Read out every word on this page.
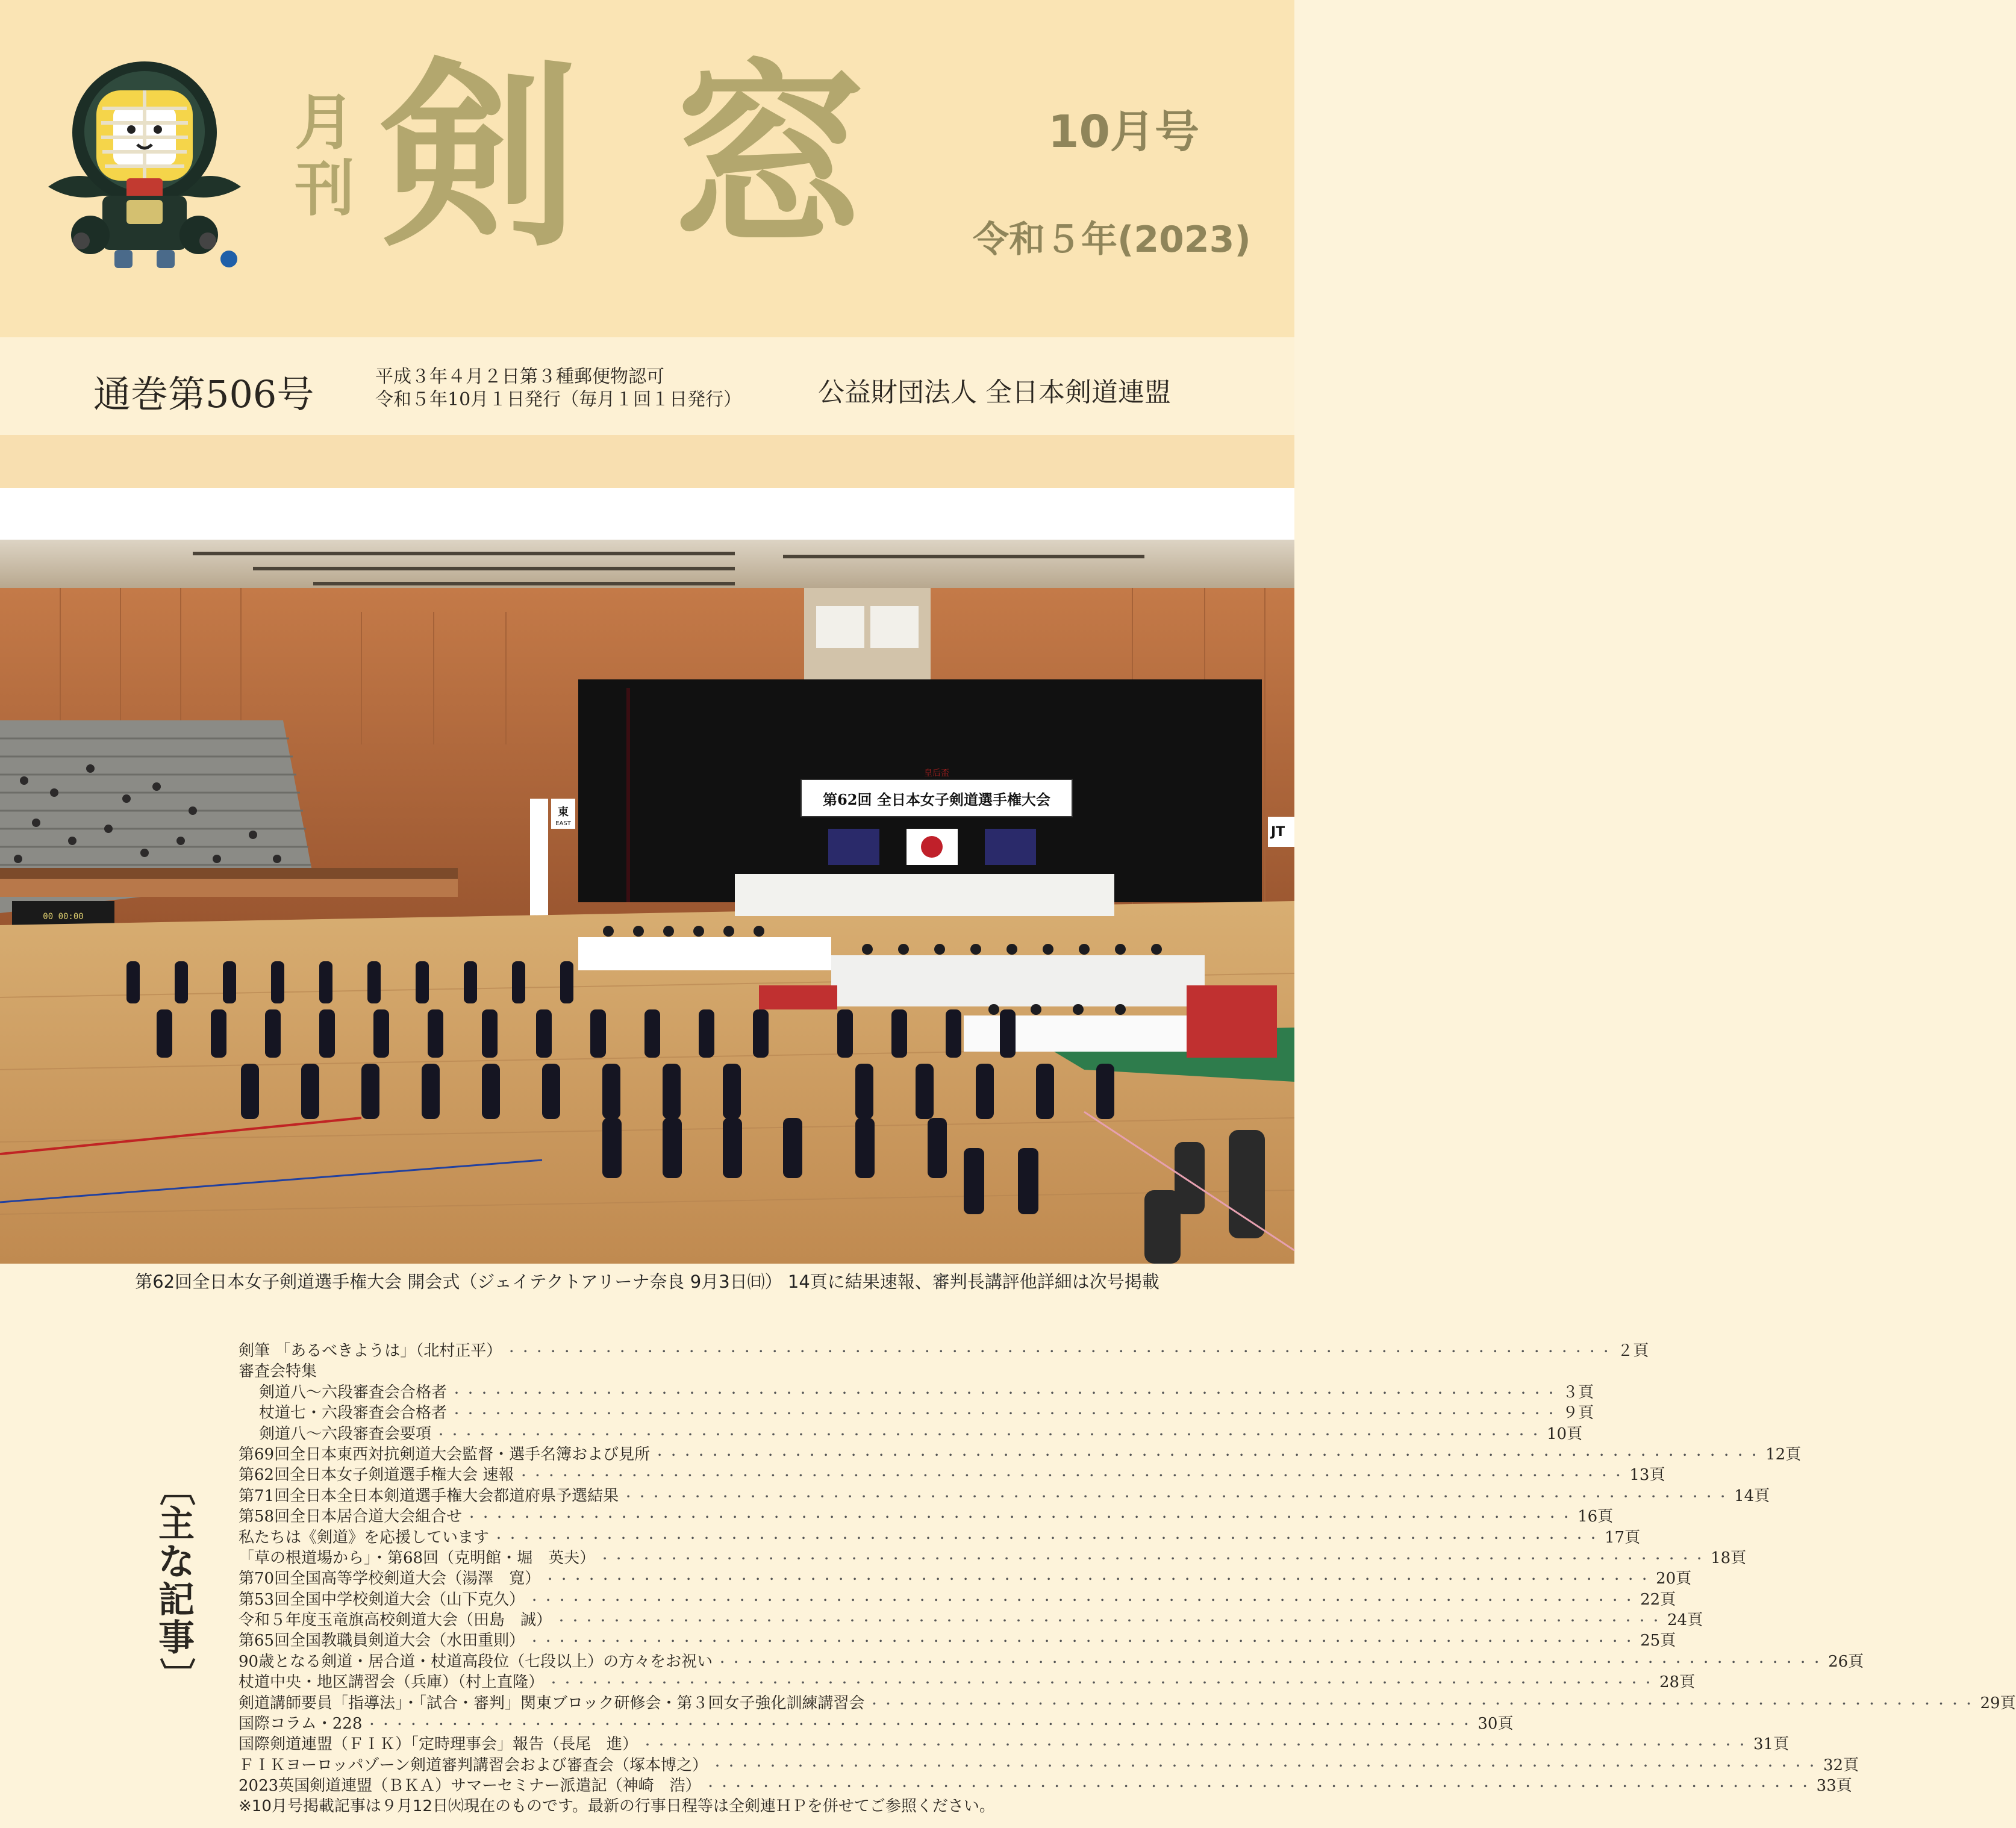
月刊 剣 窓	10月号
令和５年(2023)
通巻第506号	平成３年４月２日第３種郵便物認可
令和５年10月１日発行（毎月１回１日発行）	公益財団法人 全日本剣道連盟
皇后盃
第62回 全日本女子剣道選手権大会
JT
東
EAST
00 00:00
第62回全日本女子剣道選手権大会 開会式（ジェイテクトアリーナ奈良 9月3日㈰） 14頁に結果速報、審判長講評他詳細は次号掲載
〔
主
な
記
事
〕
剣筆 「あるべきようは」（北村正平） ・・・・・・・・・・・・・・・・・・・・・・・・・・・・・・・・・・・・・・・・・・・・・・・・・・・・・・・・・・・・・・・・・・・・・・・・・・・・・・・・ ２頁
審査会特集
剣道八～六段審査会合格者 ・・・・・・・・・・・・・・・・・・・・・・・・・・・・・・・・・・・・・・・・・・・・・・・・・・・・・・・・・・・・・・・・・・・・・・・・・・・・・・・・ ３頁
杖道七・六段審査会合格者 ・・・・・・・・・・・・・・・・・・・・・・・・・・・・・・・・・・・・・・・・・・・・・・・・・・・・・・・・・・・・・・・・・・・・・・・・・・・・・・・・ ９頁
剣道八～六段審査会要項 ・・・・・・・・・・・・・・・・・・・・・・・・・・・・・・・・・・・・・・・・・・・・・・・・・・・・・・・・・・・・・・・・・・・・・・・・・・・・・・・・ 10頁
第69回全日本東西対抗剣道大会監督・選手名簿および見所 ・・・・・・・・・・・・・・・・・・・・・・・・・・・・・・・・・・・・・・・・・・・・・・・・・・・・・・・・・・・・・・・・・・・・・・・・・・・・・・・・ 12頁
第62回全日本女子剣道選手権大会 速報 ・・・・・・・・・・・・・・・・・・・・・・・・・・・・・・・・・・・・・・・・・・・・・・・・・・・・・・・・・・・・・・・・・・・・・・・・・・・・・・・・ 13頁
第71回全日本全日本剣道選手権大会都道府県予選結果 ・・・・・・・・・・・・・・・・・・・・・・・・・・・・・・・・・・・・・・・・・・・・・・・・・・・・・・・・・・・・・・・・・・・・・・・・・・・・・・・・ 14頁
第58回全日本居合道大会組合せ ・・・・・・・・・・・・・・・・・・・・・・・・・・・・・・・・・・・・・・・・・・・・・・・・・・・・・・・・・・・・・・・・・・・・・・・・・・・・・・・・ 16頁
私たちは《剣道》を応援しています ・・・・・・・・・・・・・・・・・・・・・・・・・・・・・・・・・・・・・・・・・・・・・・・・・・・・・・・・・・・・・・・・・・・・・・・・・・・・・・・・ 17頁
「草の根道場から」・第68回（克明館・堀　英夫） ・・・・・・・・・・・・・・・・・・・・・・・・・・・・・・・・・・・・・・・・・・・・・・・・・・・・・・・・・・・・・・・・・・・・・・・・・・・・・・・・ 18頁
第70回全国高等学校剣道大会（湯澤　寛） ・・・・・・・・・・・・・・・・・・・・・・・・・・・・・・・・・・・・・・・・・・・・・・・・・・・・・・・・・・・・・・・・・・・・・・・・・・・・・・・・ 20頁
第53回全国中学校剣道大会（山下克久） ・・・・・・・・・・・・・・・・・・・・・・・・・・・・・・・・・・・・・・・・・・・・・・・・・・・・・・・・・・・・・・・・・・・・・・・・・・・・・・・・ 22頁
令和５年度玉竜旗高校剣道大会（田島　誠） ・・・・・・・・・・・・・・・・・・・・・・・・・・・・・・・・・・・・・・・・・・・・・・・・・・・・・・・・・・・・・・・・・・・・・・・・・・・・・・・・ 24頁
第65回全国教職員剣道大会（水田重則） ・・・・・・・・・・・・・・・・・・・・・・・・・・・・・・・・・・・・・・・・・・・・・・・・・・・・・・・・・・・・・・・・・・・・・・・・・・・・・・・・ 25頁
90歳となる剣道・居合道・杖道高段位（七段以上）の方々をお祝い ・・・・・・・・・・・・・・・・・・・・・・・・・・・・・・・・・・・・・・・・・・・・・・・・・・・・・・・・・・・・・・・・・・・・・・・・・・・・・・・・ 26頁
杖道中央・地区講習会（兵庫）（村上直隆） ・・・・・・・・・・・・・・・・・・・・・・・・・・・・・・・・・・・・・・・・・・・・・・・・・・・・・・・・・・・・・・・・・・・・・・・・・・・・・・・・ 28頁
剣道講師要員「指導法」・「試合・審判」関東ブロック研修会・第３回女子強化訓練講習会 ・・・・・・・・・・・・・・・・・・・・・・・・・・・・・・・・・・・・・・・・・・・・・・・・・・・・・・・・・・・・・・・・・・・・・・・・・・・・・・・・ 29頁
国際コラム・228 ・・・・・・・・・・・・・・・・・・・・・・・・・・・・・・・・・・・・・・・・・・・・・・・・・・・・・・・・・・・・・・・・・・・・・・・・・・・・・・・・ 30頁
国際剣道連盟（ＦＩＫ）「定時理事会」報告（長尾　進） ・・・・・・・・・・・・・・・・・・・・・・・・・・・・・・・・・・・・・・・・・・・・・・・・・・・・・・・・・・・・・・・・・・・・・・・・・・・・・・・・ 31頁
ＦＩＫヨーロッパゾーン剣道審判講習会および審査会（塚本博之） ・・・・・・・・・・・・・・・・・・・・・・・・・・・・・・・・・・・・・・・・・・・・・・・・・・・・・・・・・・・・・・・・・・・・・・・・・・・・・・・・ 32頁
2023英国剣道連盟（ＢＫＡ）サマーセミナー派遣記（神崎　浩） ・・・・・・・・・・・・・・・・・・・・・・・・・・・・・・・・・・・・・・・・・・・・・・・・・・・・・・・・・・・・・・・・・・・・・・・・・・・・・・・・ 33頁
※10月号掲載記事は９月12日㈫現在のものです。最新の行事日程等は全剣連ＨＰを併せてご参照ください。
